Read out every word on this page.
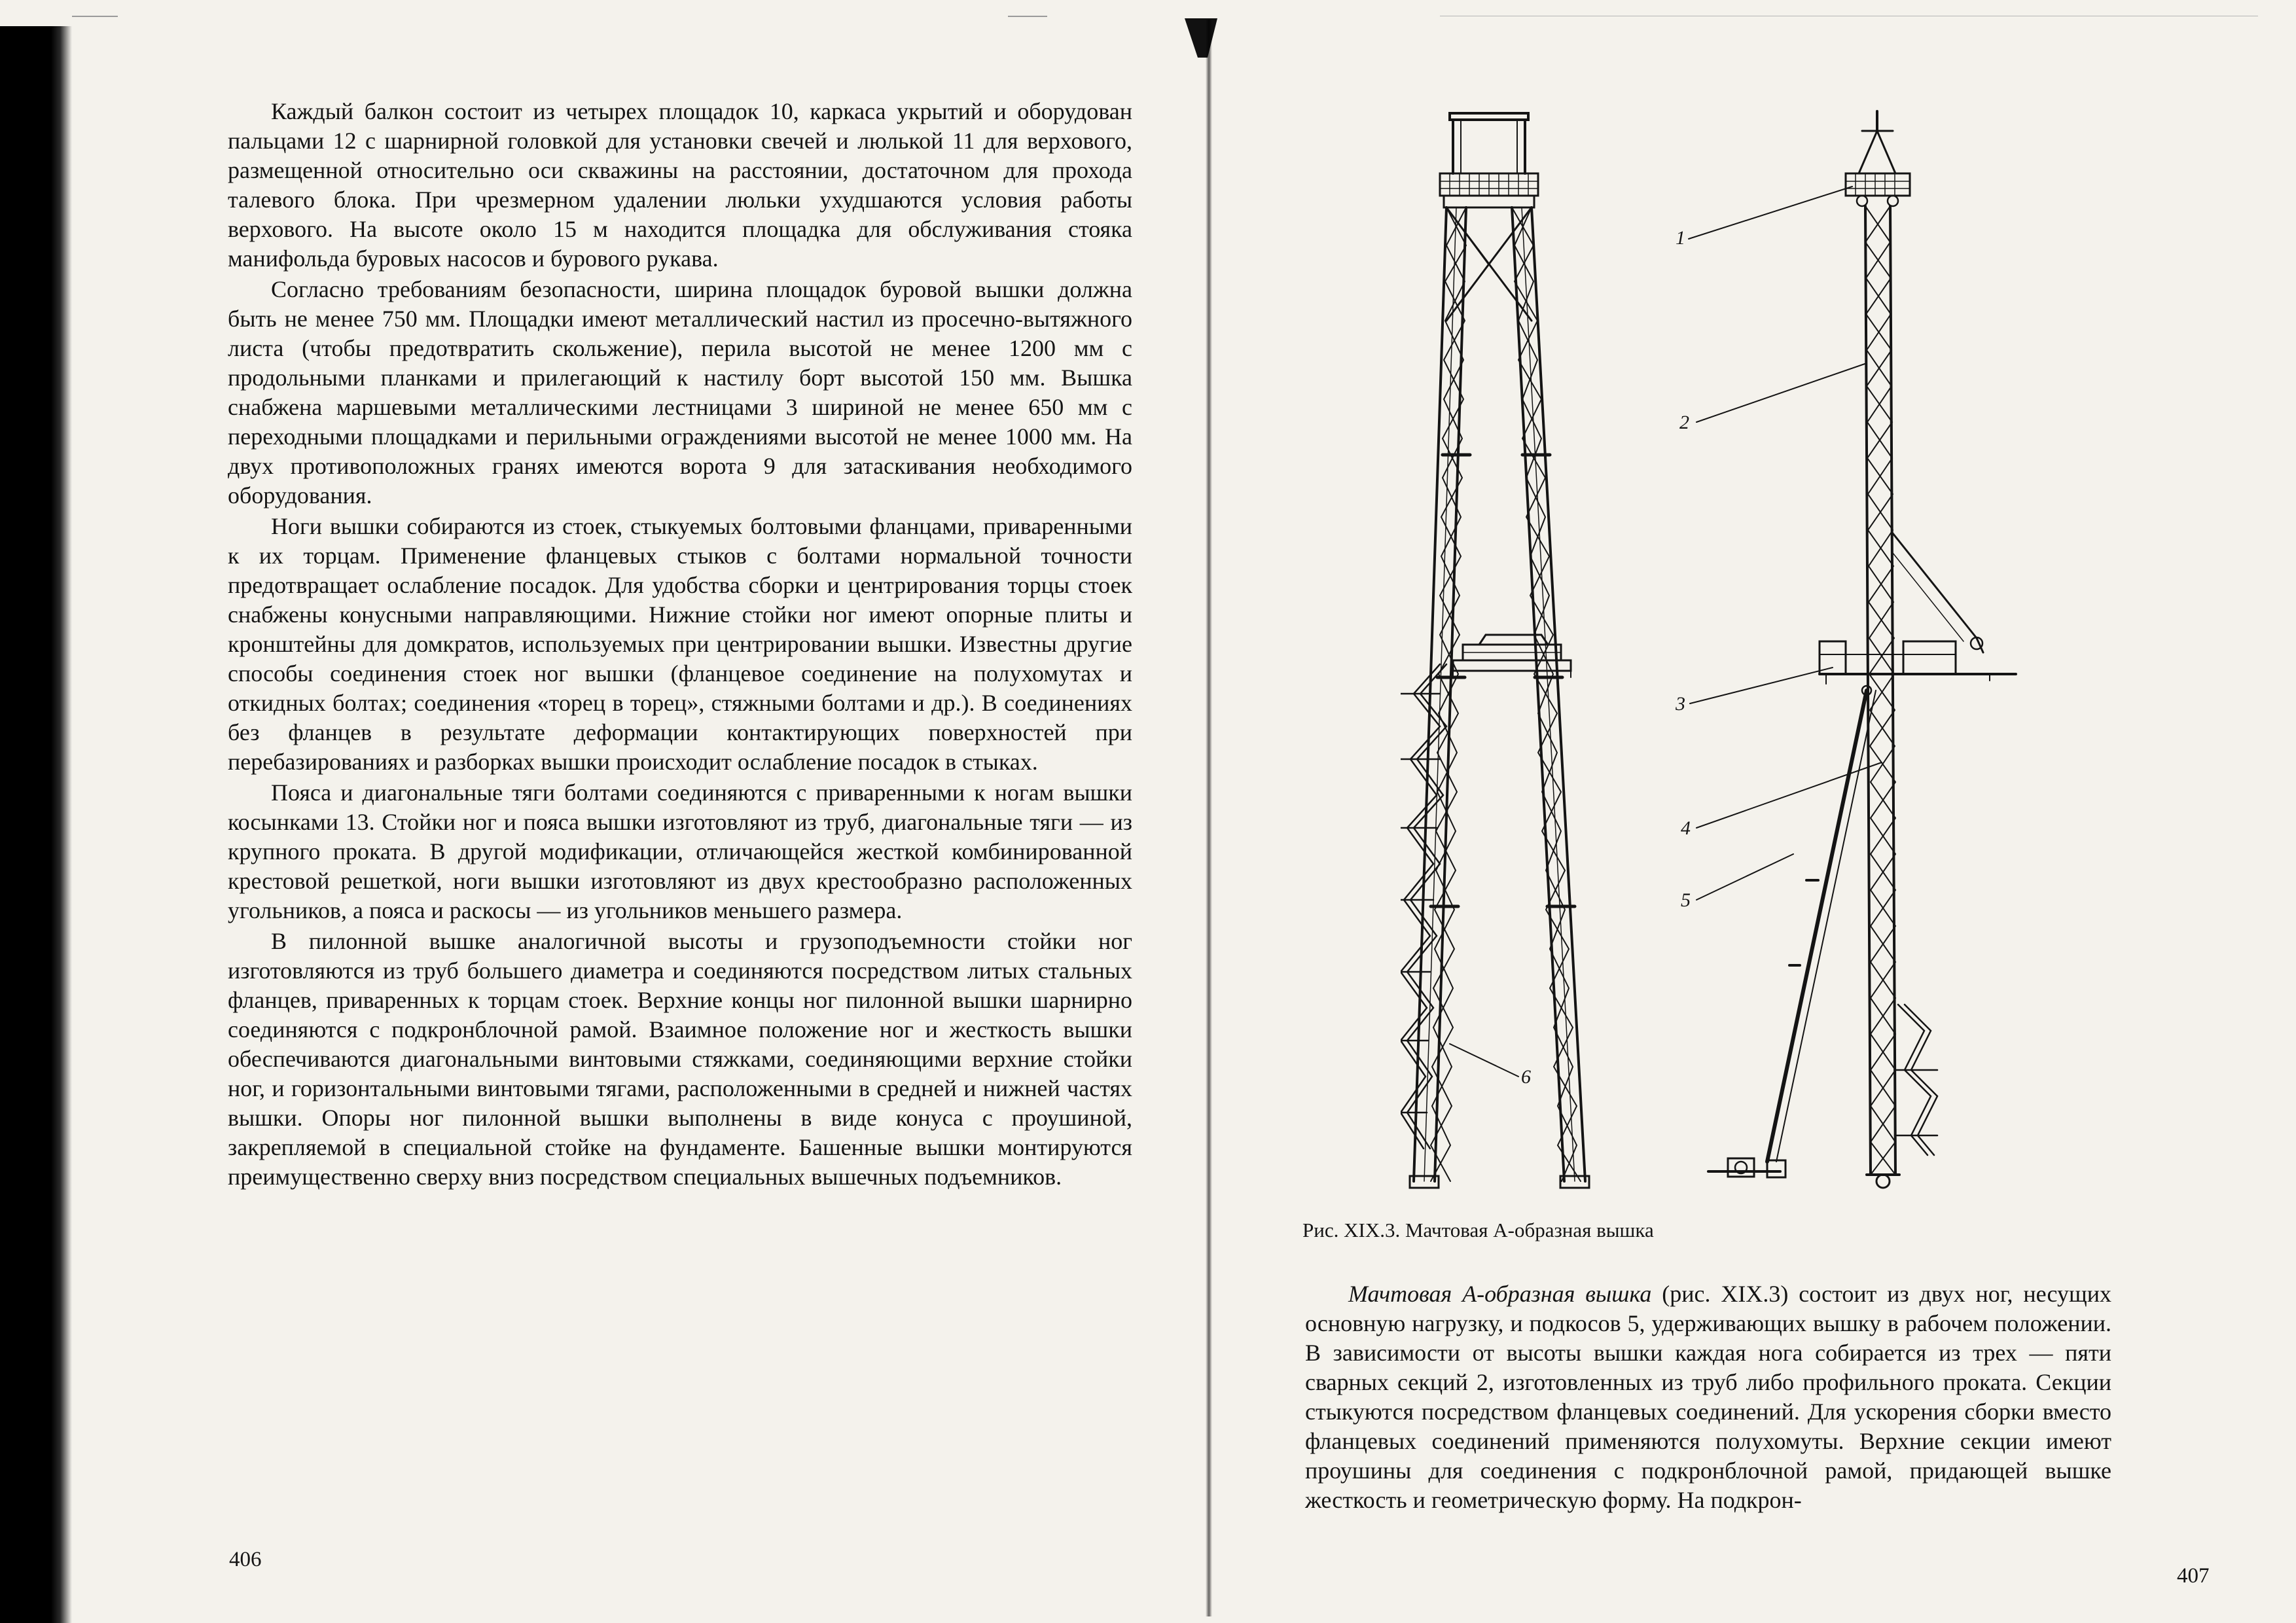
Каждый балкон состоит из четырех площадок 10, каркаса укрытий и оборудован пальцами 12 с шарнирной головкой для установки свечей и люлькой 11 для верхового, размещенной относительно оси скважины на расстоянии, достаточном для прохода талевого блока. При чрезмерном удалении люльки ухудшаются условия работы верхового. На высоте около 15 м находится площадка для обслуживания стояка манифольда буровых насосов и бурового рукава.

Согласно требованиям безопасности, ширина площадок буровой вышки должна быть не менее 750 мм. Площадки имеют металлический настил из просечно-вытяжного листа (чтобы предотвратить скольжение), перила высотой не менее 1200 мм с продольными планками и прилегающий к настилу борт высотой 150 мм. Вышка снабжена маршевыми металлическими лестницами 3 шириной не менее 650 мм с переходными площадками и перильными ограждениями высотой не менее 1000 мм. На двух противоположных гранях имеются ворота 9 для затаскивания необходимого оборудования.

Ноги вышки собираются из стоек, стыкуемых болтовыми фланцами, приваренными к их торцам. Применение фланцевых стыков с болтами нормальной точности предотвращает ослабление посадок. Для удобства сборки и центрирования торцы стоек снабжены конусными направляющими. Нижние стойки ног имеют опорные плиты и кронштейны для домкратов, используемых при центрировании вышки. Известны другие способы соединения стоек ног вышки (фланцевое соединение на полухомутах и откидных болтах; соединения «торец в торец», стяжными болтами и др.). В соединениях без фланцев в результате деформации контактирующих поверхностей при перебазированиях и разборках вышки происходит ослабление посадок в стыках.

Пояса и диагональные тяги болтами соединяются с приваренными к ногам вышки косынками 13. Стойки ног и пояса вышки изготовляют из труб, диагональные тяги — из крупного проката. В другой модификации, отличающейся жесткой комбинированной крестовой решеткой, ноги вышки изготовляют из двух крестообразно расположенных угольников, а пояса и раскосы — из угольников меньшего размера.

В пилонной вышке аналогичной высоты и грузоподъемности стойки ног изготовляются из труб большего диаметра и соединяются посредством литых стальных фланцев, приваренных к торцам стоек. Верхние концы ног пилонной вышки шарнирно соединяются с подкронблочной рамой. Взаимное положение ног и жесткость вышки обеспечиваются диагональными винтовыми стяжками, соединяющими верхние стойки ног, и горизонтальными винтовыми тягами, расположенными в средней и нижней частях вышки. Опоры ног пилонной вышки выполнены в виде конуса с проушиной, закрепляемой в специальной стойке на фундаменте. Башенные вышки монтируются преимущественно сверху вниз посредством специальных вышечных подъемников.

406
1
2
3
4
5
6
Рис. XIX.3. Мачтовая А-образная вышка
Мачтовая А-образная вышка (рис. XIX.3) состоит из двух ног, несущих основную нагрузку, и подкосов 5, удерживающих вышку в рабочем положении. В зависимости от высоты вышки каждая нога собирается из трех — пяти сварных секций 2, изготовленных из труб либо профильного проката. Секции стыкуются посредством фланцевых соединений. Для ускорения сборки вместо фланцевых соединений применяются полухомуты. Верхние секции имеют проушины для соединения с подкронблочной рамой, придающей вышке жесткость и геометрическую форму. На подкрон-
407
